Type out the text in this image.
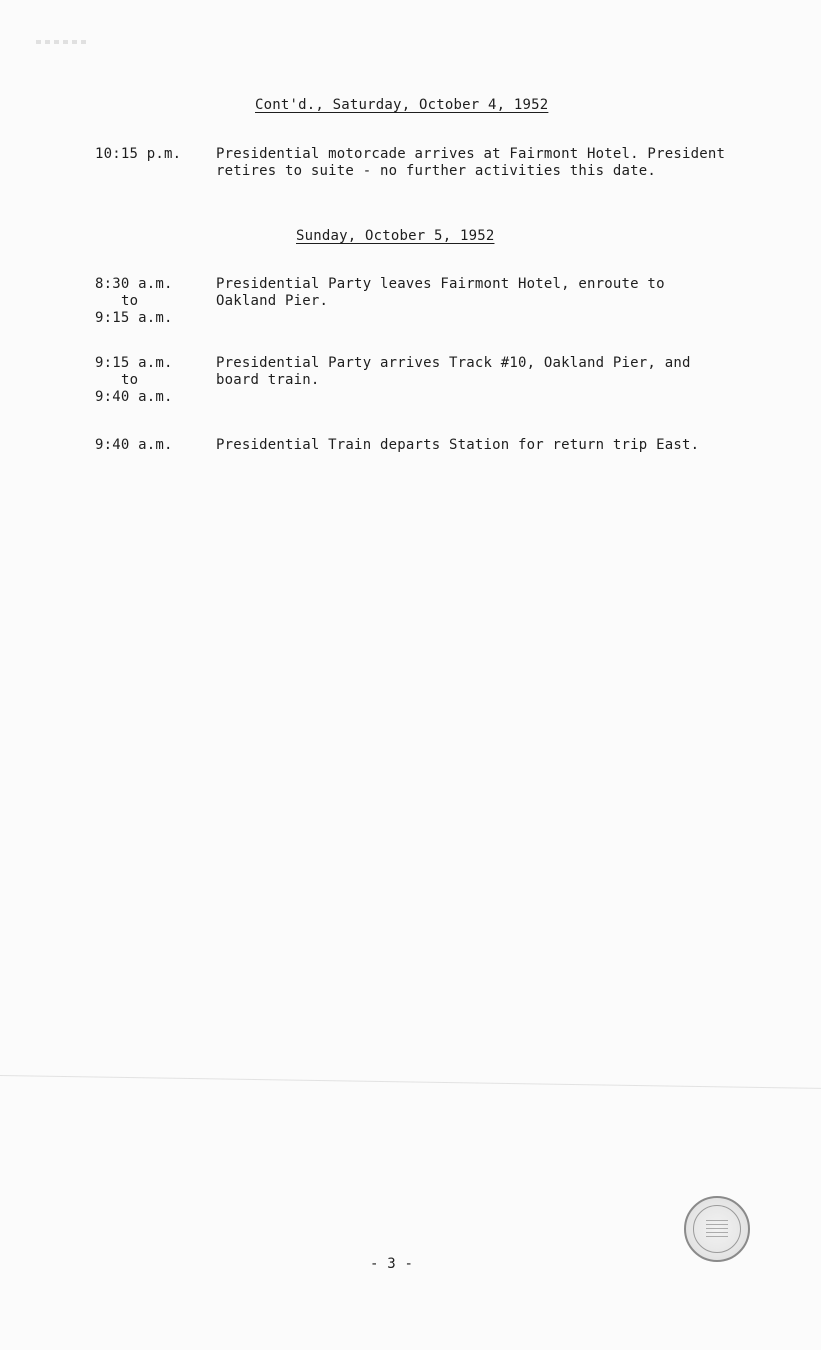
Cont'd., Saturday, October 4, 1952
10:15 p.m.	Presidential motorcade arrives at Fairmont Hotel. President
retires to suite - no further activities this date.
Sunday, October 5, 1952
8:30 a.m.
to
9:15 a.m.
Presidential Party leaves Fairmont Hotel, enroute to
Oakland Pier.
9:15 a.m.
to
9:40 a.m.
Presidential Party arrives Track #10, Oakland Pier, and
board train.
9:40 a.m.	Presidential Train departs Station for return trip East.
- 3 -
